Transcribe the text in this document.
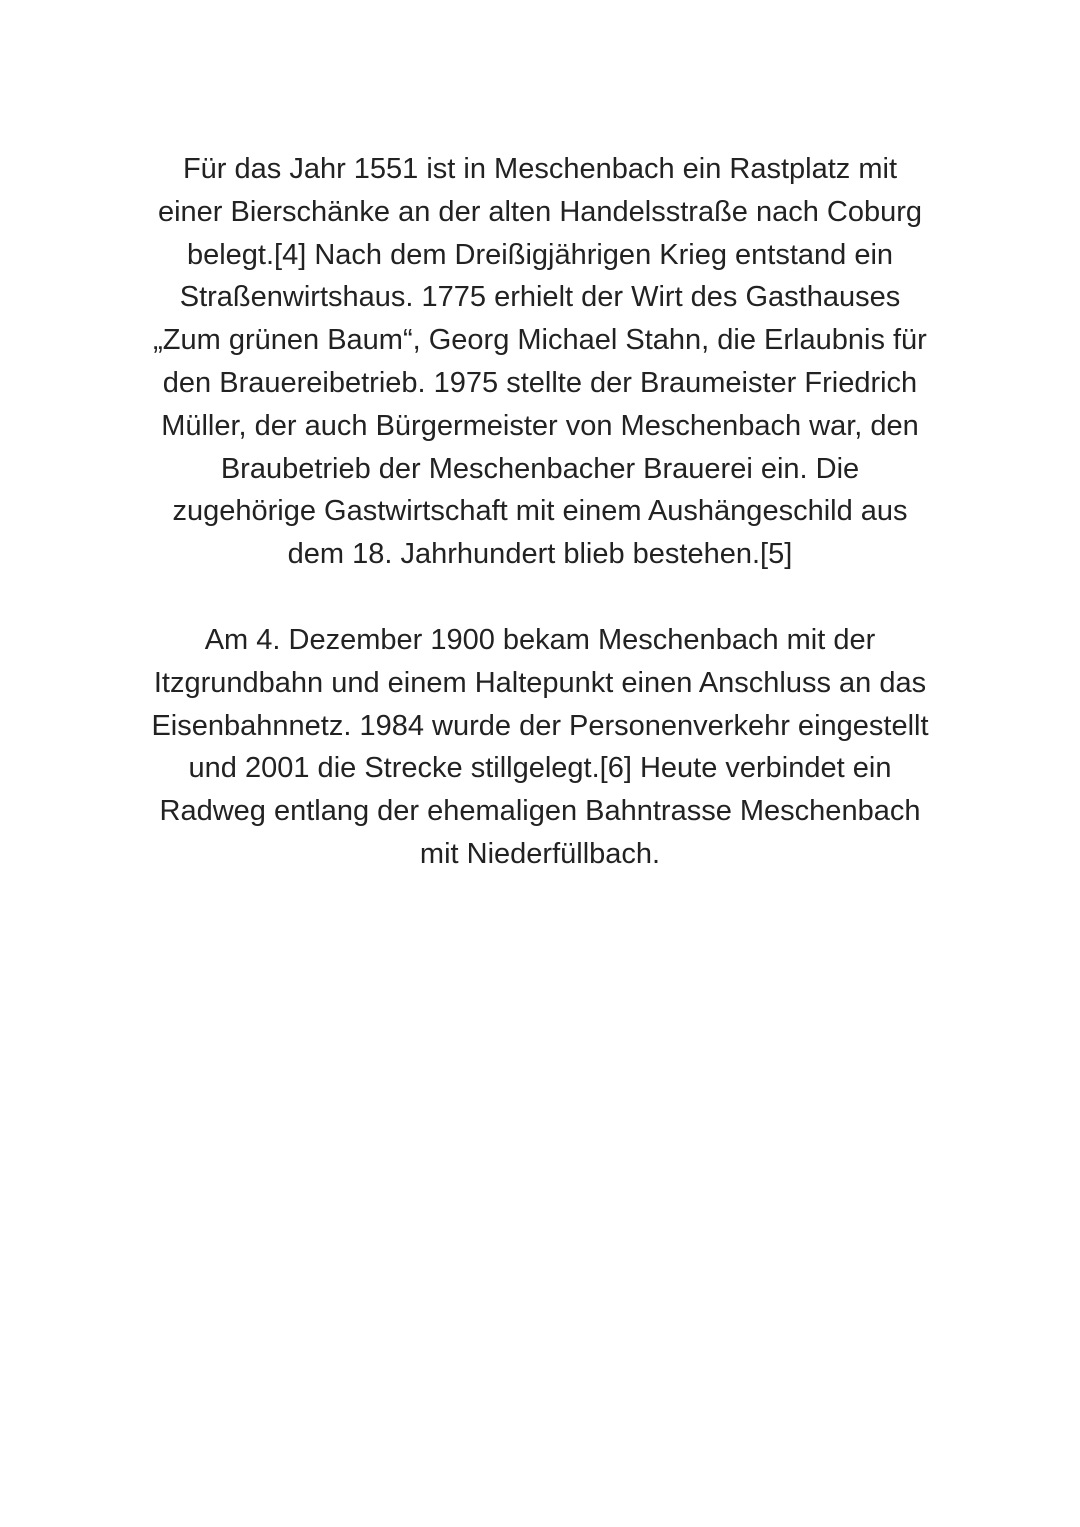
Für das Jahr 1551 ist in Meschenbach ein Rastplatz mit einer Bierschänke an der alten Handelsstraße nach Coburg belegt.[4] Nach dem Dreißigjährigen Krieg entstand ein Straßenwirtshaus. 1775 erhielt der Wirt des Gasthauses „Zum grünen Baum“, Georg Michael Stahn, die Erlaubnis für den Brauereibetrieb. 1975 stellte der Braumeister Friedrich Müller, der auch Bürgermeister von Meschenbach war, den Braubetrieb der Meschenbacher Brauerei ein. Die zugehörige Gastwirtschaft mit einem Aushängeschild aus dem 18. Jahrhundert blieb bestehen.[5]

Am 4. Dezember 1900 bekam Meschenbach mit der Itzgrundbahn und einem Haltepunkt einen Anschluss an das Eisenbahnnetz. 1984 wurde der Personenverkehr eingestellt und 2001 die Strecke stillgelegt.[6] Heute verbindet ein Radweg entlang der ehemaligen Bahntrasse Meschenbach mit Niederfüllbach.
